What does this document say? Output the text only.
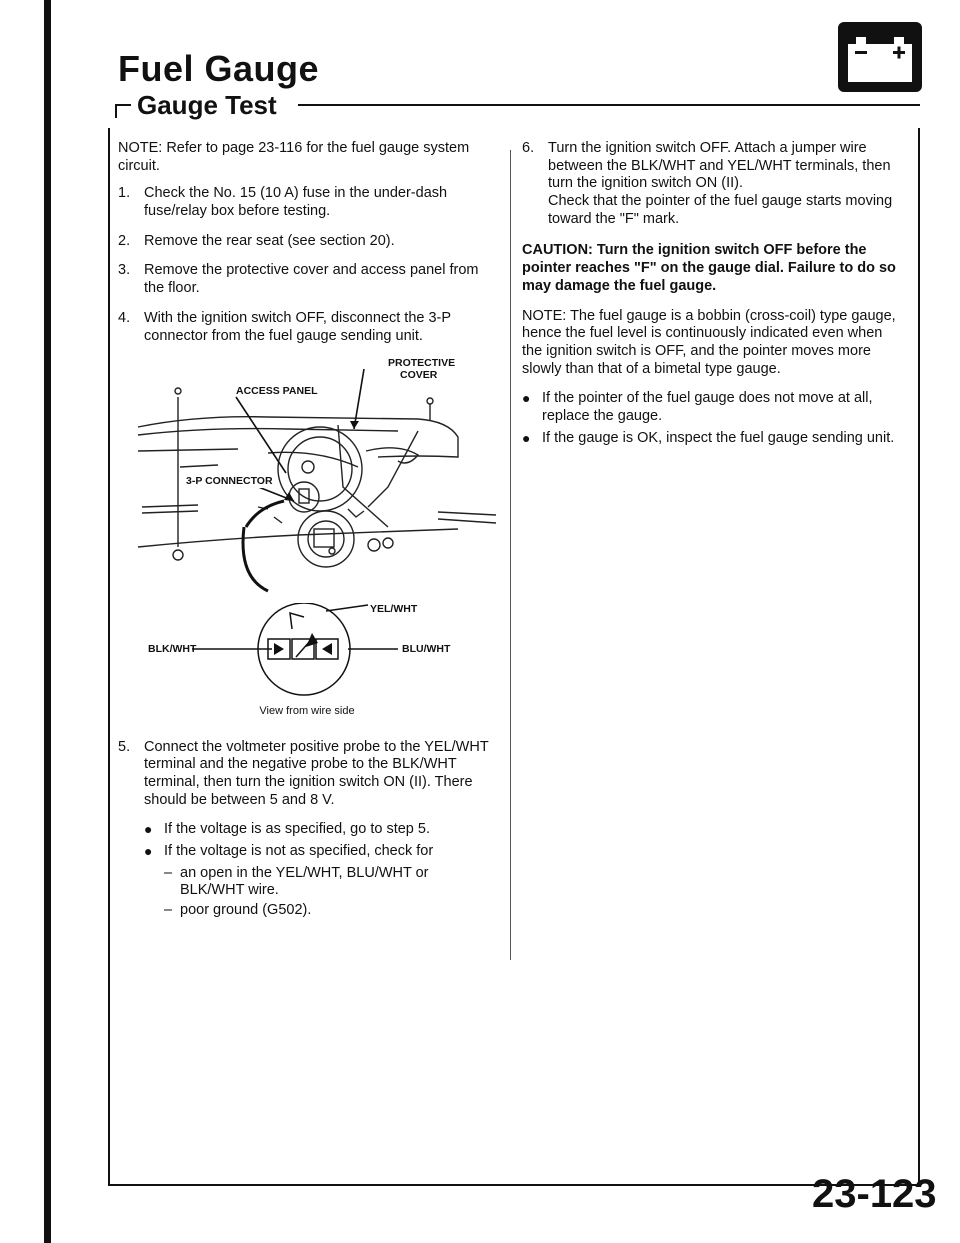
Fuel Gauge
Gauge Test

NOTE: Refer to page 23-116 for the fuel gauge system circuit.

1. Check the No. 15 (10 A) fuse in the under-dash fuse/relay box before testing.
2. Remove the rear seat (see section 20).
3. Remove the protective cover and access panel from the floor.
4. With the ignition switch OFF, disconnect the 3-P connector from the fuel gauge sending unit.
PROTECTIVE
COVER
ACCESS PANEL
3-P CONNECTOR
YEL/WHT
BLK/WHT	BLU/WHT
View from wire side
5. Connect the voltmeter positive probe to the YEL/WHT terminal and the negative probe to the BLK/WHT terminal, then turn the ignition switch ON (II). There should be between 5 and 8 V.
● If the voltage is as specified, go to step 5.
● If the voltage is not as specified, check for
– an open in the YEL/WHT, BLU/WHT or BLK/WHT wire.
– poor ground (G502).
6. Turn the ignition switch OFF. Attach a jumper wire between the BLK/WHT and YEL/WHT terminals, then turn the ignition switch ON (II).
Check that the pointer of the fuel gauge starts moving toward the "F" mark.

CAUTION: Turn the ignition switch OFF before the pointer reaches "F" on the gauge dial. Failure to do so may damage the fuel gauge.

NOTE: The fuel gauge is a bobbin (cross-coil) type gauge, hence the fuel level is continuously indicated even when the ignition switch is OFF, and the pointer moves more slowly than that of a bimetal type gauge.

● If the pointer of the fuel gauge does not move at all, replace the gauge.
● If the gauge is OK, inspect the fuel gauge sending unit.
23-123
